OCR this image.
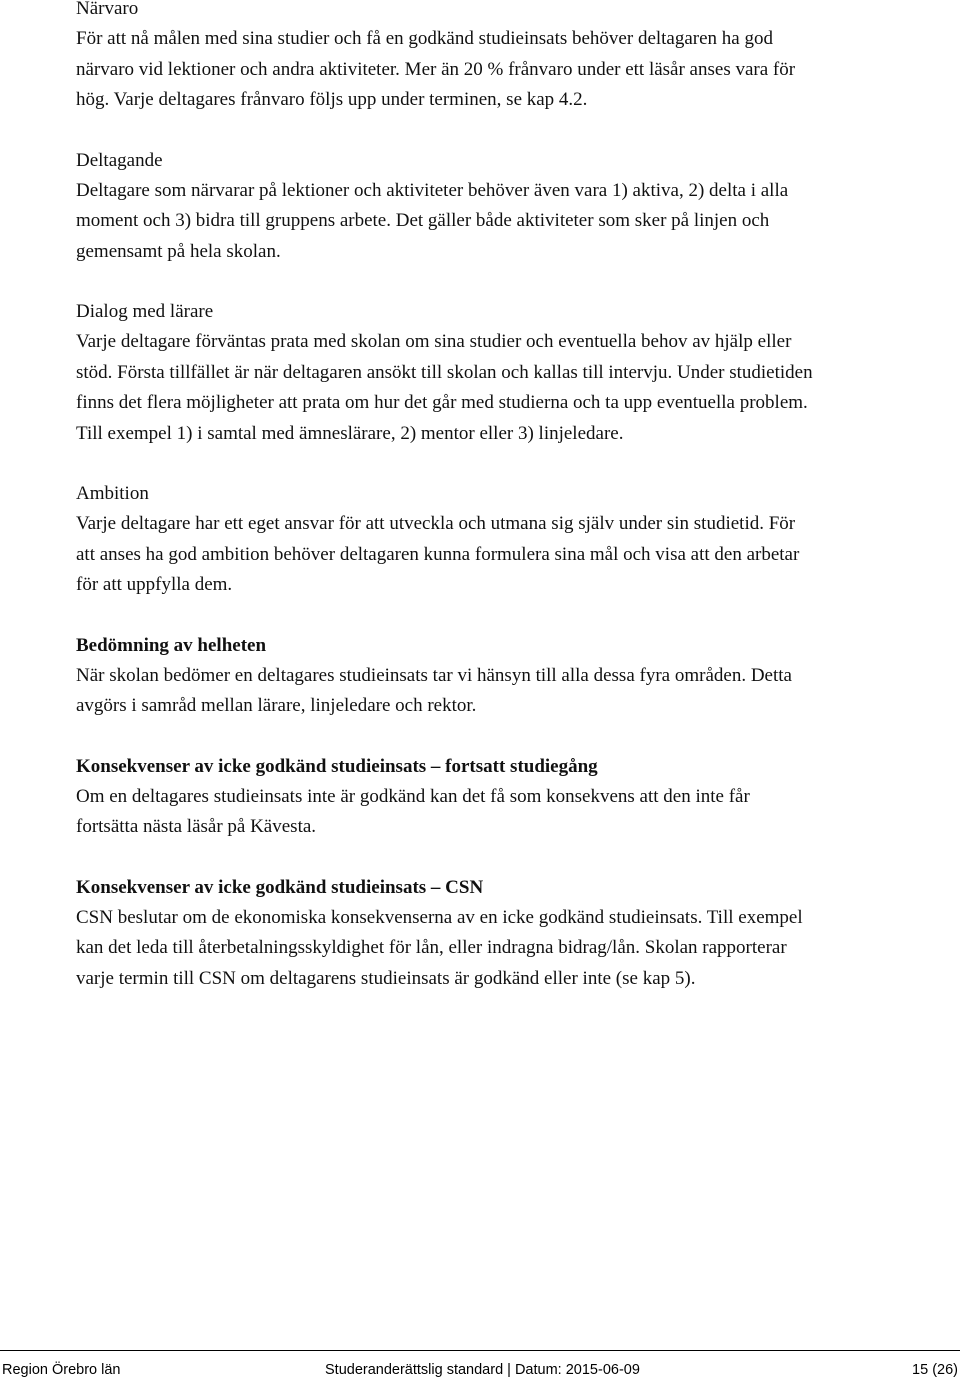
Närvaro

För att nå målen med sina studier och få en godkänd studieinsats behöver deltagaren ha god närvaro vid lektioner och andra aktiviteter. Mer än 20 % frånvaro under ett läsår anses vara för hög. Varje deltagares frånvaro följs upp under terminen, se kap 4.2.

Deltagande

Deltagare som närvarar på lektioner och aktiviteter behöver även vara 1) aktiva, 2) delta i alla moment och 3) bidra till gruppens arbete. Det gäller både aktiviteter som sker på linjen och gemensamt på hela skolan.

Dialog med lärare

Varje deltagare förväntas prata med skolan om sina studier och eventuella behov av hjälp eller stöd. Första tillfället är när deltagaren ansökt till skolan och kallas till intervju. Under studietiden finns det flera möjligheter att prata om hur det går med studierna och ta upp eventuella problem. Till exempel 1) i samtal med ämneslärare, 2) mentor eller 3) linjeledare.

Ambition

Varje deltagare har ett eget ansvar för att utveckla och utmana sig själv under sin studietid. För att anses ha god ambition behöver deltagaren kunna formulera sina mål och visa att den arbetar för att uppfylla dem.

Bedömning av helheten

När skolan bedömer en deltagares studieinsats tar vi hänsyn till alla dessa fyra områden. Detta avgörs i samråd mellan lärare, linjeledare och rektor.

Konsekvenser av icke godkänd studieinsats – fortsatt studiegång

Om en deltagares studieinsats inte är godkänd kan det få som konsekvens att den inte får fortsätta nästa läsår på Kävesta.

Konsekvenser av icke godkänd studieinsats – CSN

CSN beslutar om de ekonomiska konsekvenserna av en icke godkänd studieinsats. Till exempel kan det leda till återbetalningsskyldighet för lån, eller indragna bidrag/lån. Skolan rapporterar varje termin till CSN om deltagarens studieinsats är godkänd eller inte (se kap 5).

Region Örebro län	Studeranderättslig standard | Datum: 2015-06-09	15 (26)
